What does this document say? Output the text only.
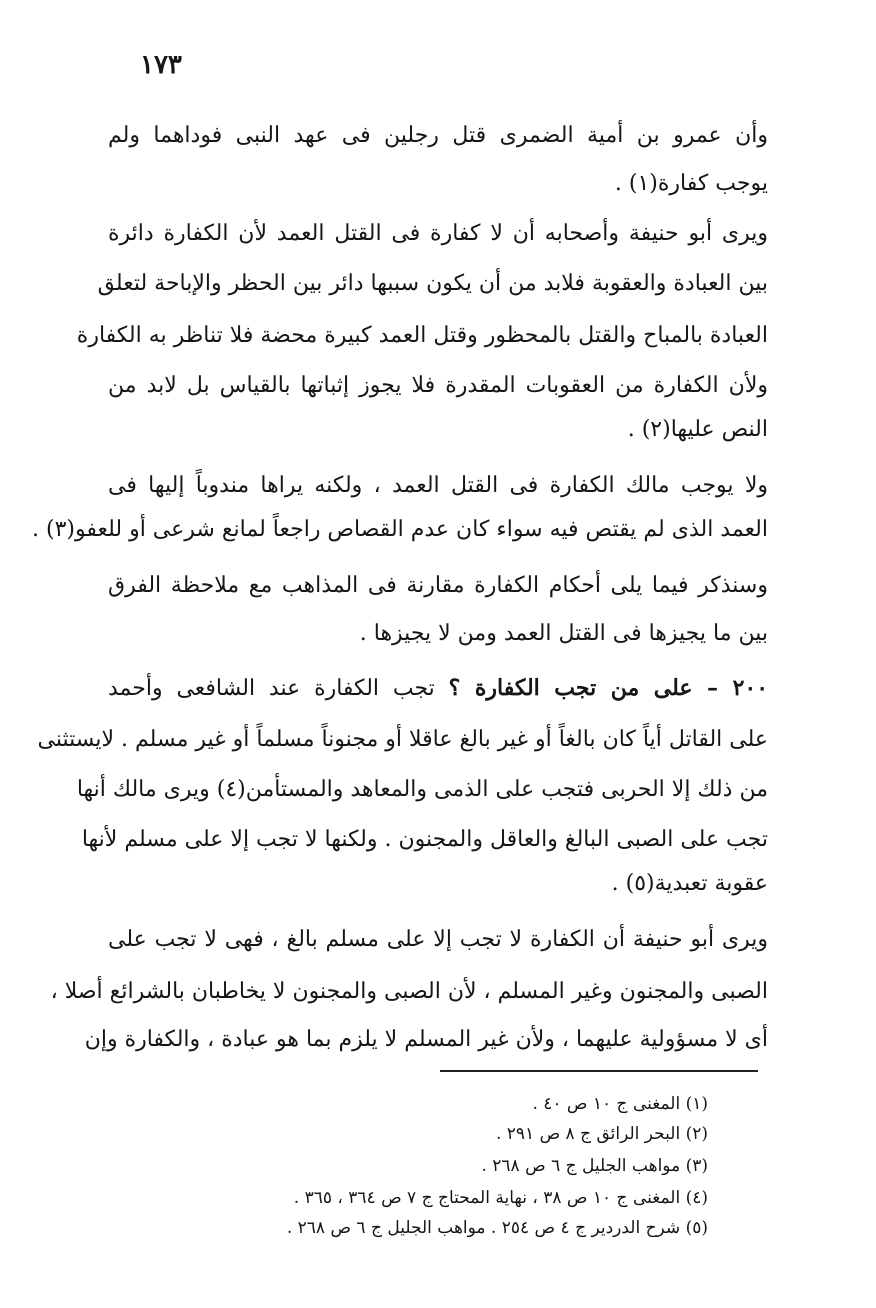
١٧٣
وأن عمرو بن أمية الضمرى قتل رجلين فى عهد النبى فوداهما ولم
يوجب كفارة(١) .
ويرى أبو حنيفة وأصحابه أن لا كفارة فى القتل العمد لأن الكفارة دائرة
بين العبادة والعقوبة فلابد من أن يكون سببها دائر بين الحظر والإباحة لتعلق
العبادة بالمباح والقتل بالمحظور وقتل العمد كبيرة محضة فلا تناظر به الكفارة
ولأن الكفارة من العقوبات المقدرة فلا يجوز إثباتها بالقياس بل لابد من
النص عليها(٢) .
ولا يوجب مالك الكفارة فى القتل العمد ، ولكنه يراها مندوباً إليها فى
العمد الذى لم يقتص فيه سواء كان عدم القصاص راجعاً لمانع شرعى أو للعفو(٣) .
وسنذكر فيما يلى أحكام الكفارة مقارنة فى المذاهب مع ملاحظة الفرق
بين ما يجيزها فى القتل العمد ومن لا يجيزها .
٢٠٠ – على من تجب الكفارة ؟ تجب الكفارة عند الشافعى وأحمد
على القاتل أياً كان بالغاً أو غير بالغ عاقلا أو مجنوناً مسلماً أو غير مسلم . لايستثنى
من ذلك إلا الحربى فتجب على الذمى والمعاهد والمستأمن(٤) ويرى مالك أنها
تجب على الصبى البالغ والعاقل والمجنون . ولكنها لا تجب إلا على مسلم لأنها
عقوبة تعبدية(٥) .
ويرى أبو حنيفة أن الكفارة لا تجب إلا على مسلم بالغ ، فهى لا تجب على
الصبى والمجنون وغير المسلم ، لأن الصبى والمجنون لا يخاطبان بالشرائع أصلا ،
أى لا مسؤولية عليهما ، ولأن غير المسلم لا يلزم بما هو عبادة ، والكفارة وإن
(١) المغنى ج ١٠ ص ٤٠ .
(٢) البحر الرائق ج ٨ ص ٢٩١ .
(٣) مواهب الجليل ج ٦ ص ٢٦٨ .
(٤) المغنى ج ١٠ ص ٣٨ ، نهاية المحتاج ج ٧ ص ٣٦٤ ، ٣٦٥ .
(٥) شرح الدردير ج ٤ ص ٢٥٤ . مواهب الجليل ج ٦ ص ٢٦٨ .
